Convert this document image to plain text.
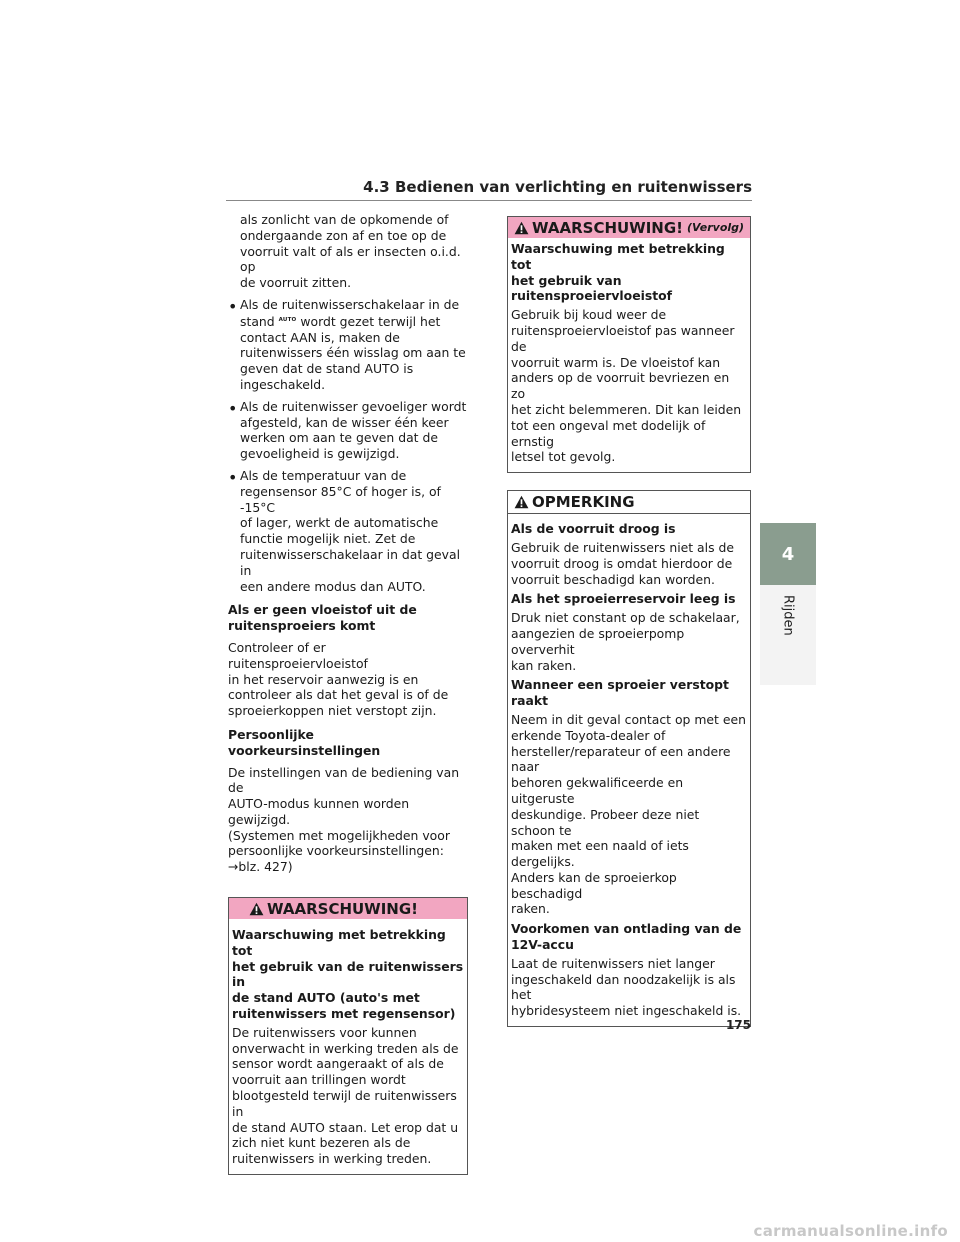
4.3 Bedienen van verlichting en ruitenwissers

als zonlicht van de opkomende of

ondergaande zon af en toe op de

voorruit valt of als er insecten o.i.d. op

de voorruit zitten.

• Als de ruitenwisserschakelaar in de

stand $^{AUTO}$ wordt gezet terwijl het

contact AAN is, maken de

ruitenwissers één wisslag om aan te

geven dat de stand AUTO is

ingeschakeld.

• Als de ruitenwisser gevoeliger wordt

afgesteld, kan de wisser één keer

werken om aan te geven dat de

gevoeligheid is gewijzigd.

• Als de temperatuur van de

regensensor 85°C of hoger is, of -15°C

of lager, werkt de automatische

functie mogelijk niet. Zet de

ruitenwisserschakelaar in dat geval in

een andere modus dan AUTO.

Als er geen vloeistof uit de

ruitensproeiers komt

Controleer of er ruitensproeiervloeistof

in het reservoir aanwezig is en

controleer als dat het geval is of de

sproeierkoppen niet verstopt zijn.

Persoonlijke voorkeursinstellingen

De instellingen van de bediening van de

AUTO-modus kunnen worden gewijzigd.

(Systemen met mogelijkheden voor

persoonlijke voorkeursinstellingen:

→blz. 427)

WAARSCHUWING!

Waarschuwing met betrekking tot

het gebruik van de ruitenwissers in

de stand AUTO (auto's met

ruitenwissers met regensensor)

De ruitenwissers voor kunnen

onverwacht in werking treden als de

sensor wordt aangeraakt of als de

voorruit aan trillingen wordt

blootgesteld terwijl de ruitenwissers in

de stand AUTO staan. Let erop dat u

zich niet kunt bezeren als de

ruitenwissers in werking treden.

WAARSCHUWING! (Vervolg)

Waarschuwing met betrekking tot

het gebruik van

ruitensproeiervloeistof

Gebruik bij koud weer de

ruitensproeiervloeistof pas wanneer de

voorruit warm is. De vloeistof kan

anders op de voorruit bevriezen en zo

het zicht belemmeren. Dit kan leiden

tot een ongeval met dodelijk of ernstig

letsel tot gevolg.

OPMERKING

Als de voorruit droog is

Gebruik de ruitenwissers niet als de

voorruit droog is omdat hierdoor de

voorruit beschadigd kan worden.

Als het sproeierreservoir leeg is

Druk niet constant op de schakelaar,

aangezien de sproeierpomp oververhit

kan raken.

Wanneer een sproeier verstopt raakt

Neem in dit geval contact op met een

erkende Toyota-dealer of

hersteller/reparateur of een andere naar

behoren gekwalificeerde en uitgeruste

deskundige. Probeer deze niet schoon te

maken met een naald of iets dergelijks.

Anders kan de sproeierkop beschadigd

raken.

Voorkomen van ontlading van de

12V-accu

Laat de ruitenwissers niet langer

ingeschakeld dan noodzakelijk is als het

hybridesysteem niet ingeschakeld is.

4
Rijden
175
carmanualsonline.info
